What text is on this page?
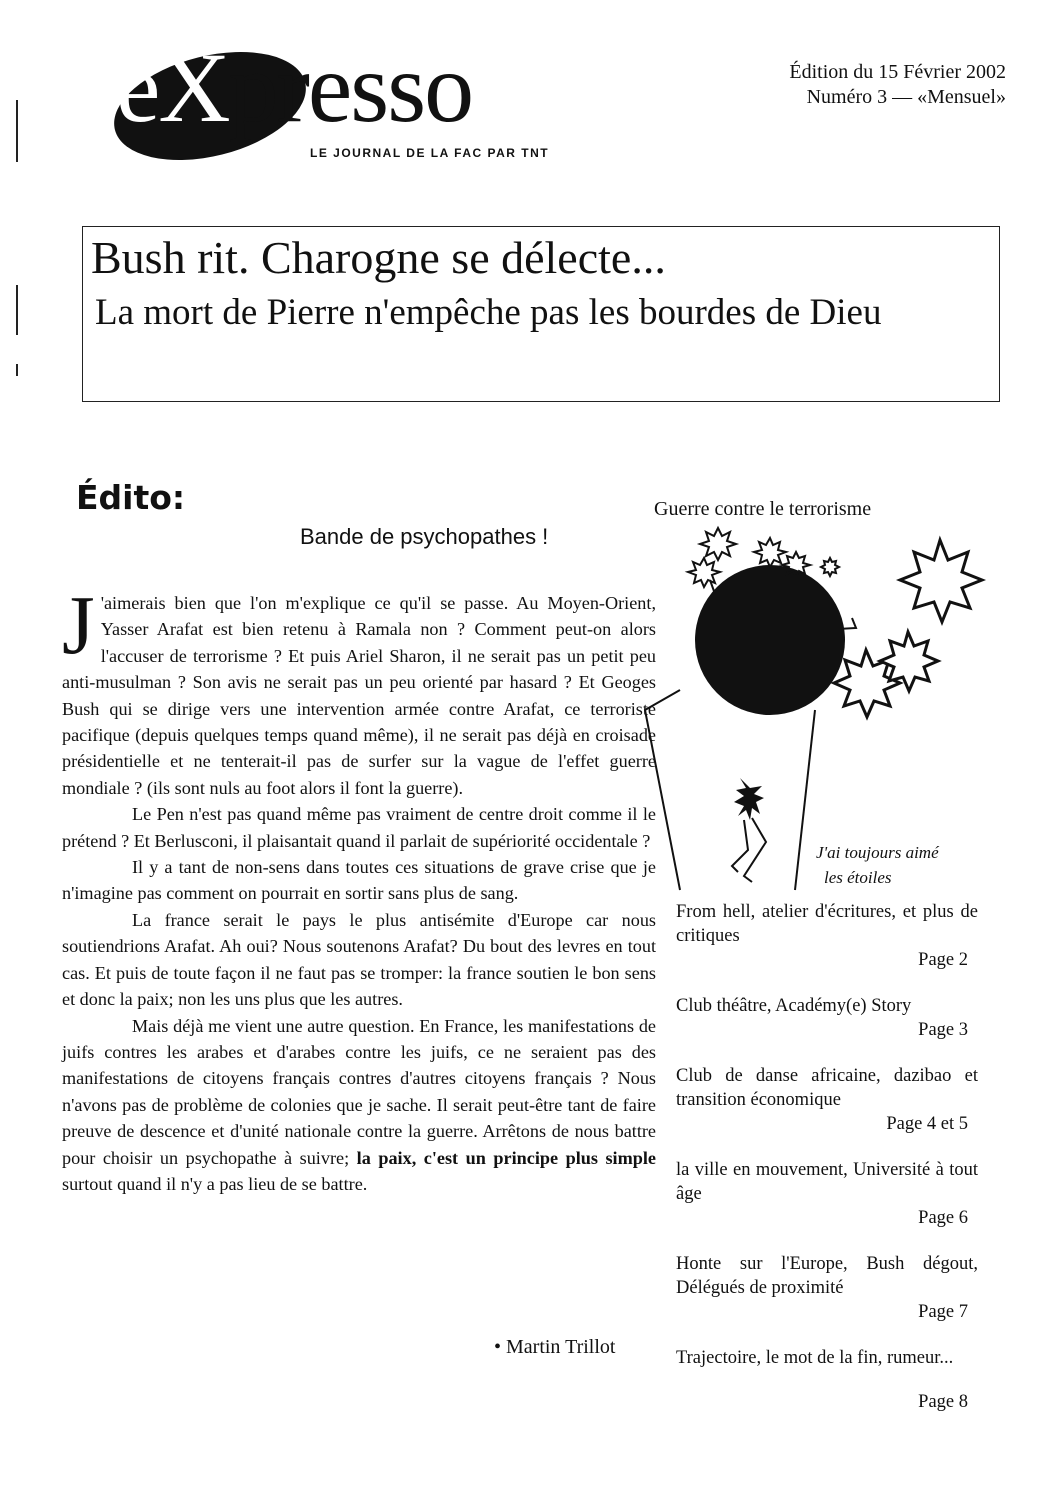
eXpresso
LE JOURNAL DE LA FAC PAR TNT
Édition du 15 Février 2002
Numéro 3 — «Mensuel»
Bush rit. Charogne se délecte...
La mort de Pierre n'empêche pas les bourdes de Dieu
Édito:
Bande de psychopathes !

J 'aimerais bien que l'on m'explique ce qu'il se passe. Au Moyen-Orient, Yasser Arafat est bien retenu à Ramala non ? Comment peut-on alors l'accuser de terrorisme ? Et puis Ariel Sharon, il ne serait pas un petit peu anti-musulman ? Son avis ne serait pas un peu orienté par hasard ? Et Geoges Bush qui se dirige vers une intervention armée contre Arafat, ce terroriste pacifique (depuis quelques temps quand même), il ne serait pas déjà en croisade présidentielle et ne tenterait-il pas de surfer sur la vague de l'effet guerre mondiale ? (ils sont nuls au foot alors il font la guerre).

Le Pen n'est pas quand même pas vraiment de centre droit comme il le prétend ? Et Berlusconi, il plaisantait quand il parlait de supériorité occidentale ?

Il y a tant de non-sens dans toutes ces situations de grave crise que je n'imagine pas comment on pourrait en sortir sans plus de sang.

La france serait le pays le plus antisémite d'Europe car nous soutiendrions Arafat. Ah oui? Nous soutenons Arafat? Du bout des levres en tout cas. Et puis de toute façon il ne faut pas se tromper: la france soutien le bon sens et donc la paix; non les uns plus que les autres.

Mais déjà me vient une autre question. En France, les manifestations de juifs contres les arabes et d'arabes contre les juifs, ce ne seraient pas des manifestations de citoyens français contres d'autres citoyens français ? Nous n'avons pas de problème de colonies que je sache. Il serait peut-être tant de faire preuve de descence et d'unité nationale contre la guerre. Arrêtons de nous battre pour choisir un psychopathe à suivre; la paix, c'est un principe plus simple surtout quand il n'y a pas lieu de se battre.

• Martin Trillot
Guerre contre le terrorisme
J'ai toujours aimé
les étoiles
From hell, atelier d'écritures, et plus de critiques
Page 2
Club théâtre, Académy(e) Story
Page 3
Club de danse africaine, dazibao et transition économique
Page 4 et 5
la ville en mouvement, Université à tout âge
Page 6
Honte sur l'Europe, Bush dégout, Délégués de proximité
Page 7
Trajectoire, le mot de la fin, rumeur...
Page 8
